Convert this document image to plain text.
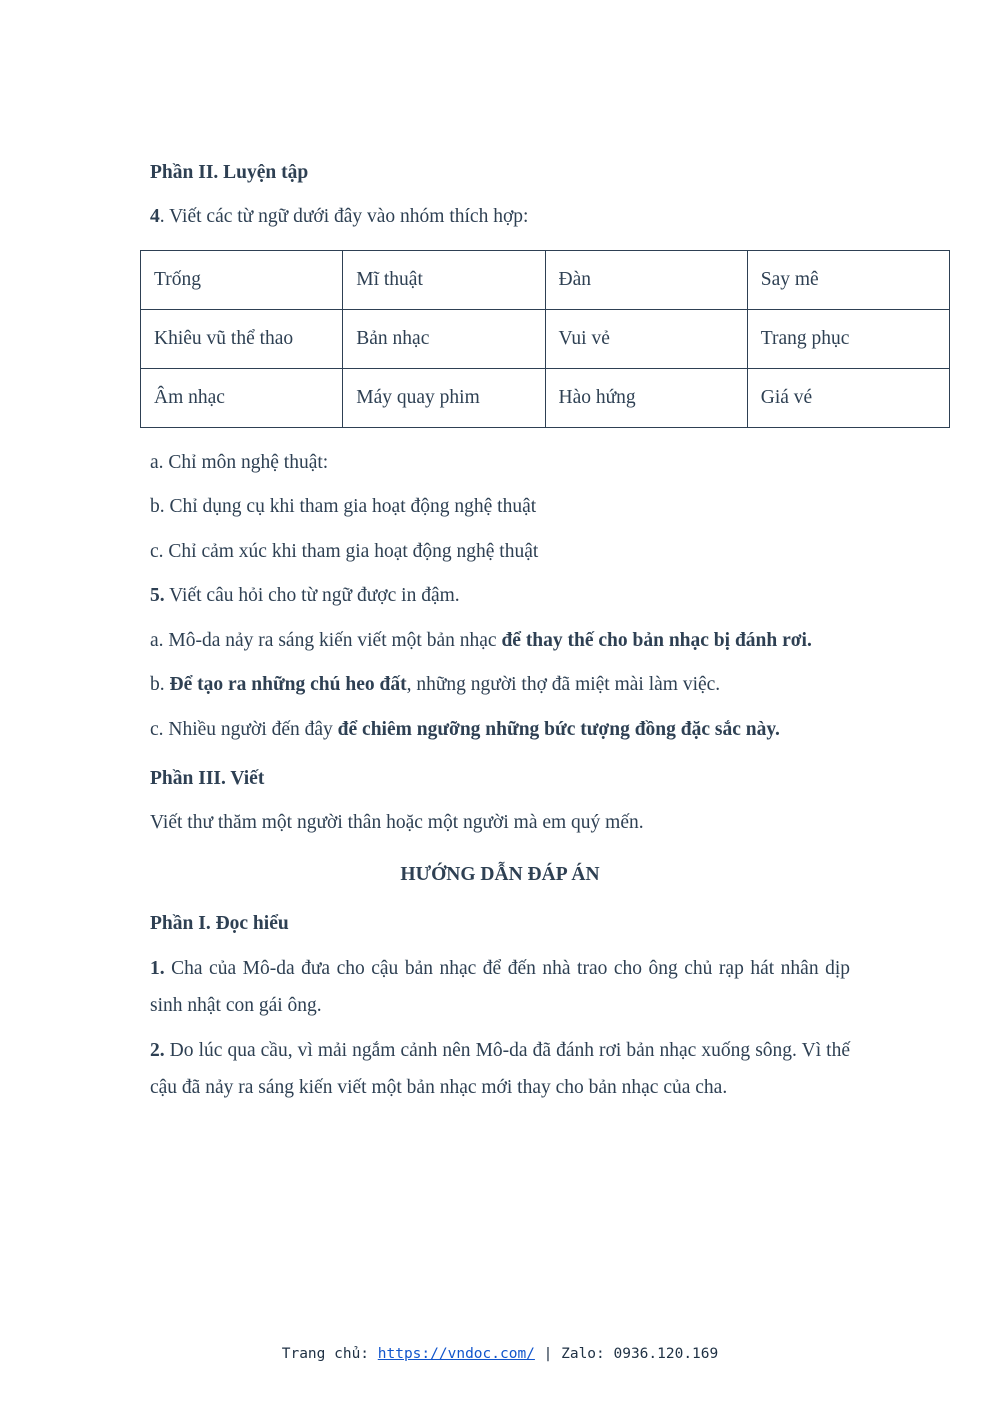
Phần II. Luyện tập

4. Viết các từ ngữ dưới đây vào nhóm thích hợp:

Trống	Mĩ thuật	Đàn	Say mê
Khiêu vũ thể thao	Bản nhạc	Vui vẻ	Trang phục
Âm nhạc	Máy quay phim	Hào hứng	Giá vé

a. Chỉ môn nghệ thuật:

b. Chỉ dụng cụ khi tham gia hoạt động nghệ thuật

c. Chỉ cảm xúc khi tham gia hoạt động nghệ thuật

5. Viết câu hỏi cho từ ngữ được in đậm.

a. Mô-da nảy ra sáng kiến viết một bản nhạc để thay thế cho bản nhạc bị đánh rơi.

b. Để tạo ra những chú heo đất, những người thợ đã miệt mài làm việc.

c. Nhiều người đến đây để chiêm ngưỡng những bức tượng đồng đặc sắc này.

Phần III. Viết

Viết thư thăm một người thân hoặc một người mà em quý mến.

HƯỚNG DẪN ĐÁP ÁN
Phần I. Đọc hiểu

1. Cha của Mô-da đưa cho cậu bản nhạc để đến nhà trao cho ông chủ rạp hát nhân dịp sinh nhật con gái ông.

2. Do lúc qua cầu, vì mải ngắm cảnh nên Mô-da đã đánh rơi bản nhạc xuống sông. Vì thế cậu đã nảy ra sáng kiến viết một bản nhạc mới thay cho bản nhạc của cha.

Trang chủ: https://vndoc.com/ | Zalo: 0936.120.169
